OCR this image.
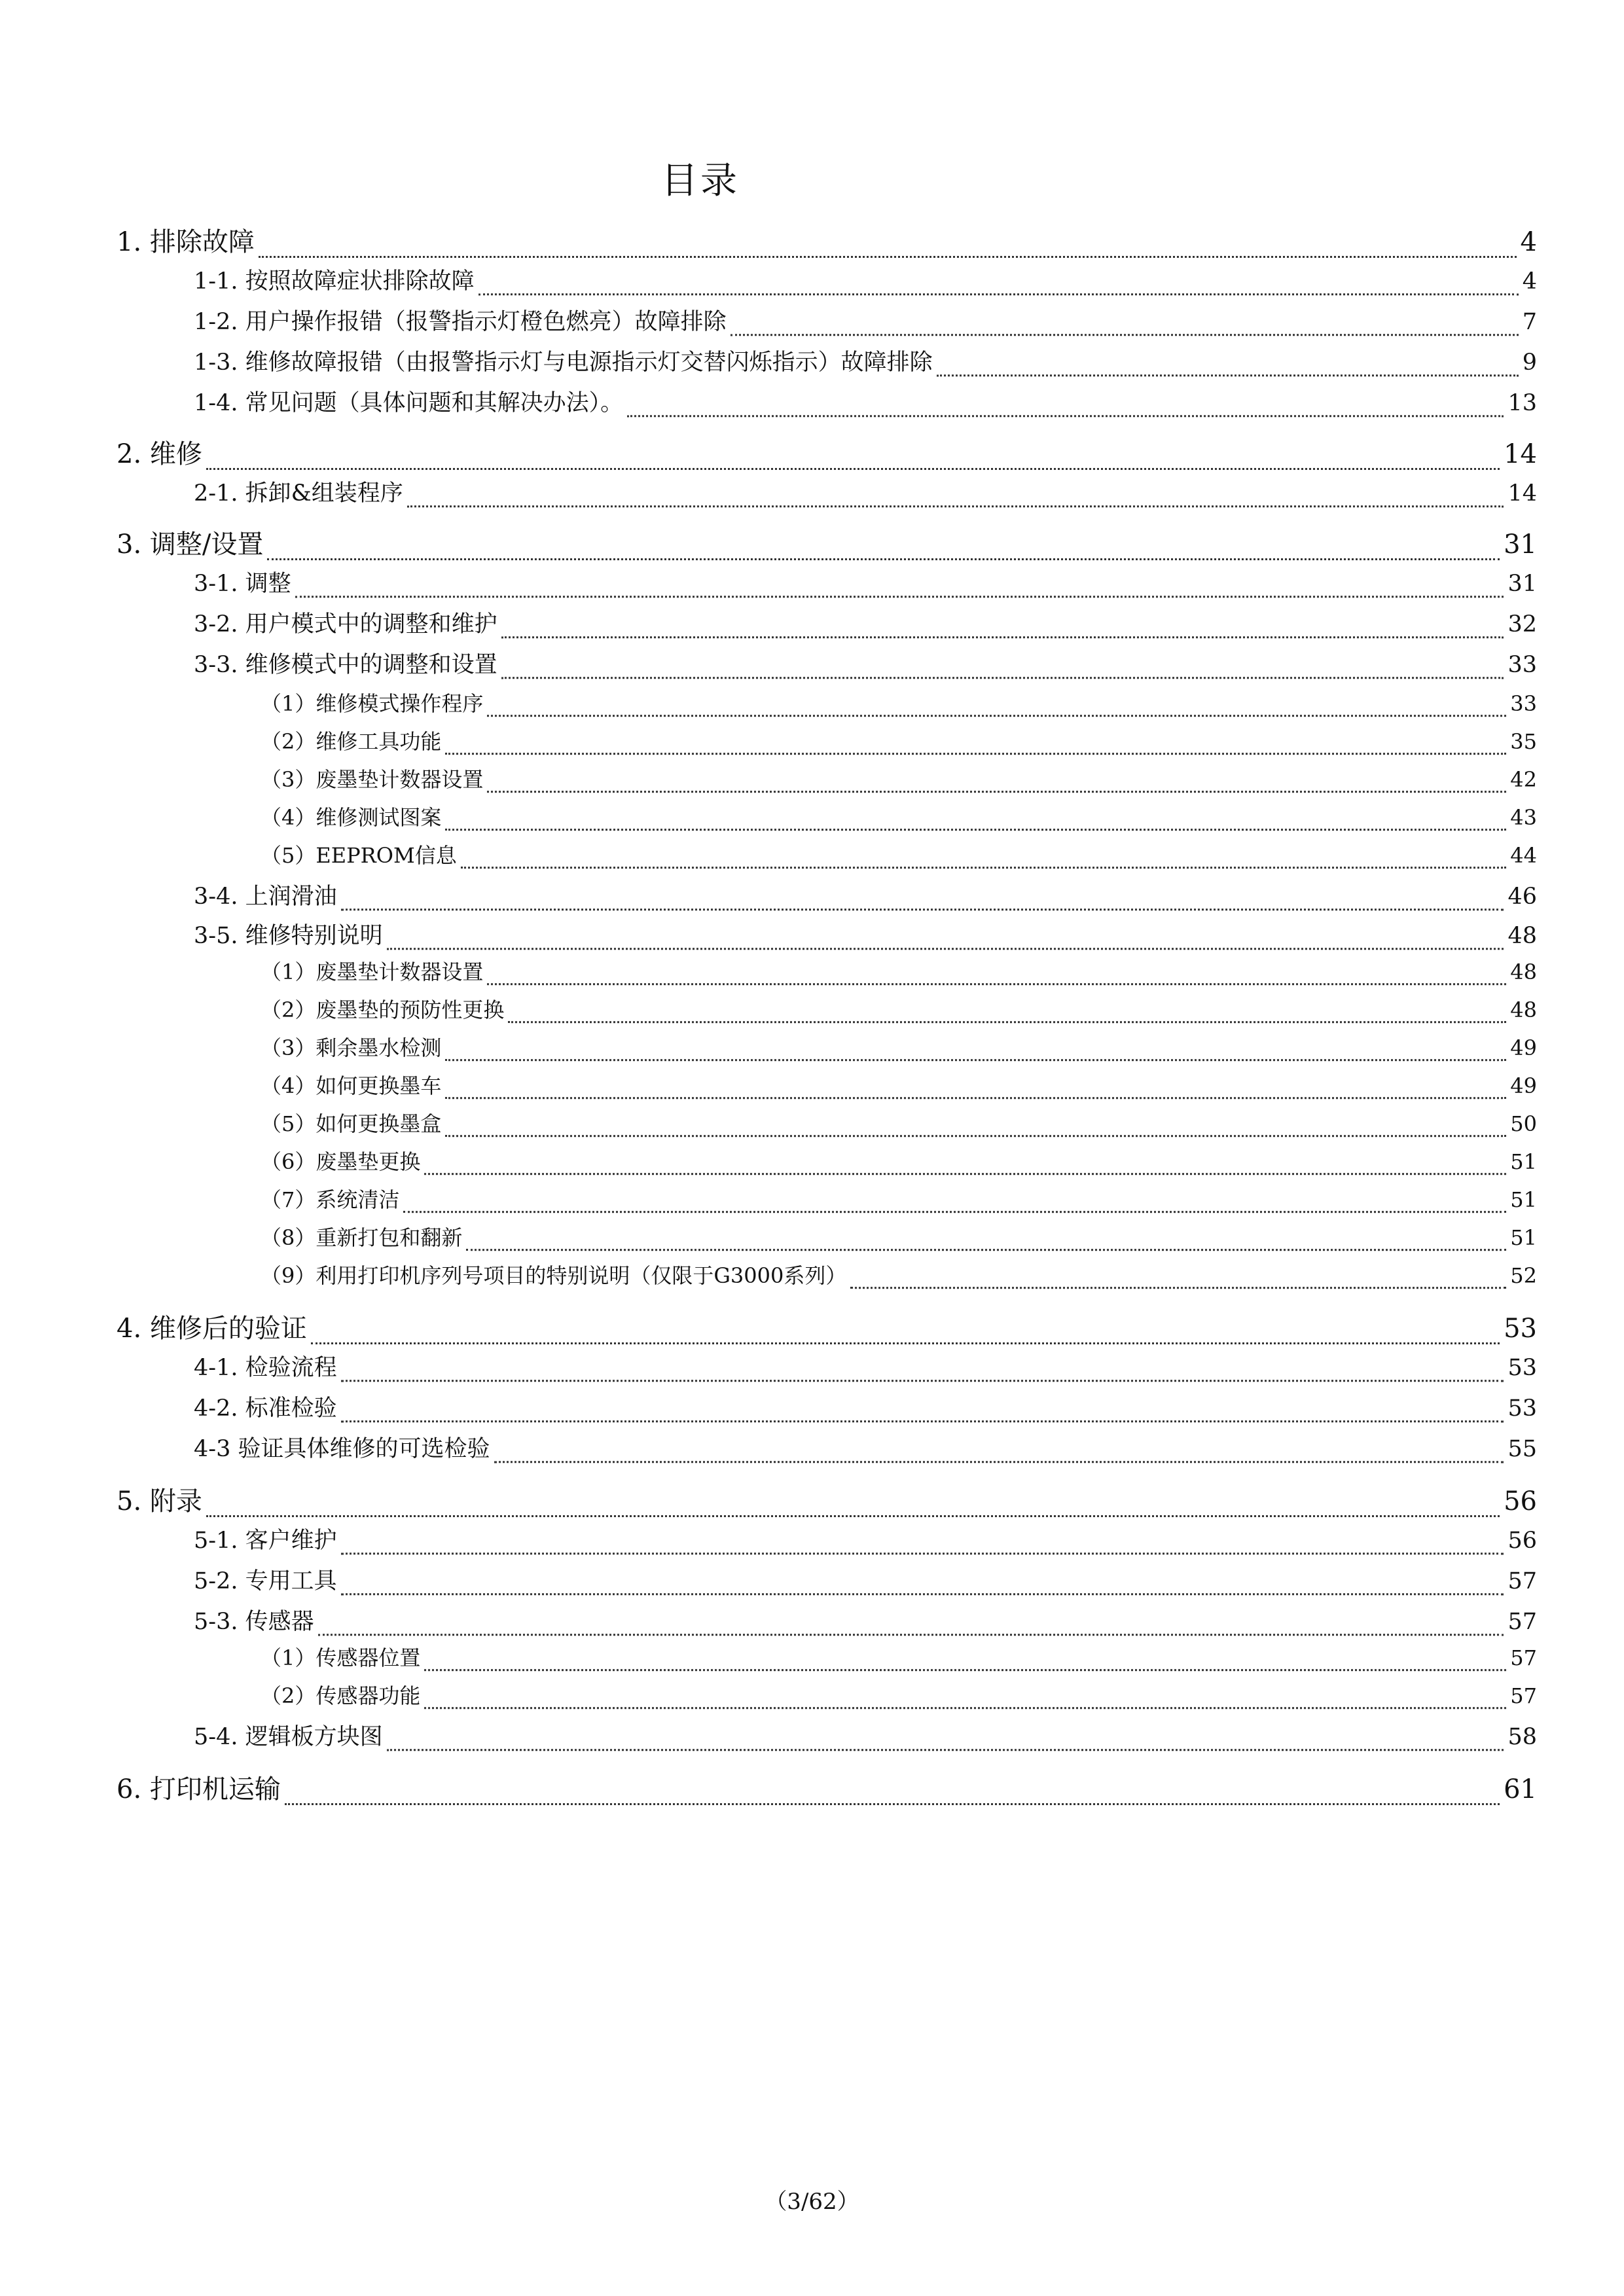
目录
1. 排除故障	4
1-1. 按照故障症状排除故障	4
1-2. 用户操作报错（报警指示灯橙色燃亮）故障排除	7
1-3. 维修故障报错（由报警指示灯与电源指示灯交替闪烁指示）故障排除	9
1-4. 常见问题（具体问题和其解决办法）。	13
2. 维修	14
2-1. 拆卸&组装程序	14
3. 调整/设置	31
3-1. 调整	31
3-2. 用户模式中的调整和维护	32
3-3. 维修模式中的调整和设置	33
（1）维修模式操作程序	33
（2）维修工具功能	35
（3）废墨垫计数器设置	42
（4）维修测试图案	43
（5）EEPROM信息	44
3-4. 上润滑油	46
3-5. 维修特别说明	48
（1）废墨垫计数器设置	48
（2）废墨垫的预防性更换	48
（3）剩余墨水检测	49
（4）如何更换墨车	49
（5）如何更换墨盒	50
（6）废墨垫更换	51
（7）系统清洁	51
（8）重新打包和翻新	51
（9）利用打印机序列号项目的特别说明（仅限于G3000系列）	52
4. 维修后的验证	53
4-1. 检验流程	53
4-2. 标准检验	53
4-3 验证具体维修的可选检验	55
5. 附录	56
5-1. 客户维护	56
5-2. 专用工具	57
5-3. 传感器	57
（1）传感器位置	57
（2）传感器功能	57
5-4. 逻辑板方块图	58
6. 打印机运输	61
（3/62）
